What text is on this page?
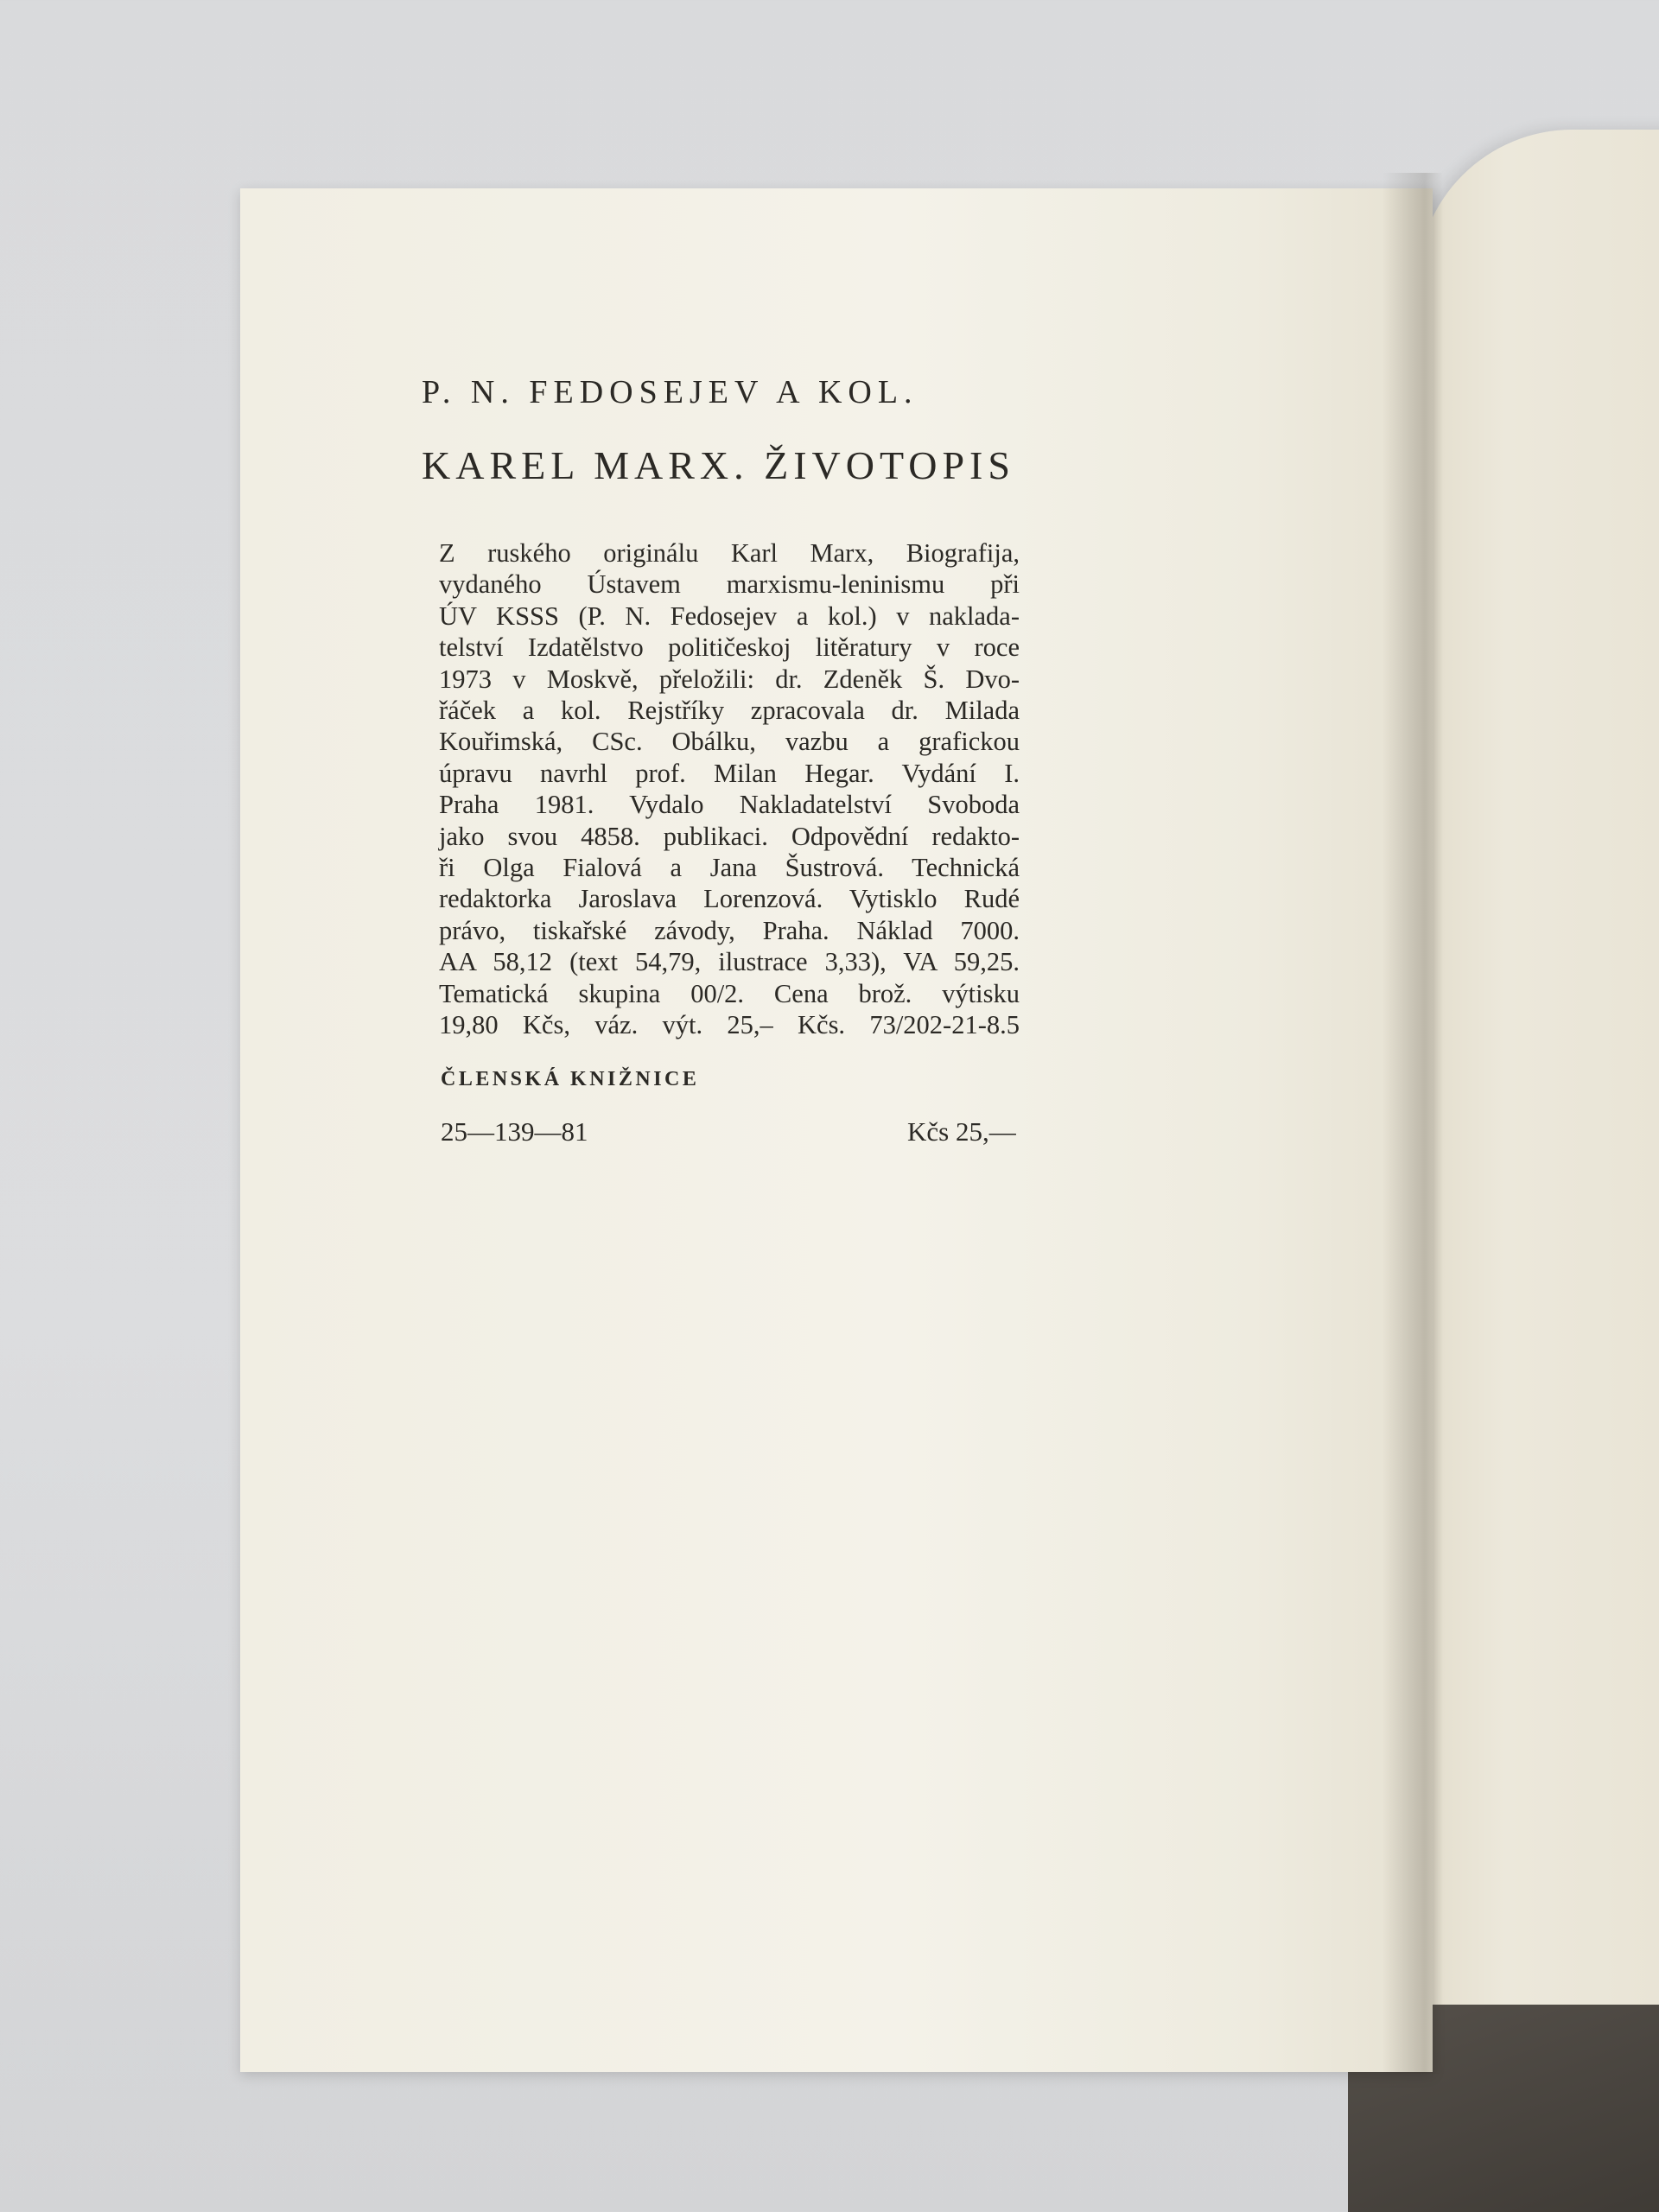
P. N. FEDOSEJEV A KOL.
KAREL MARX. ŽIVOTOPIS
Z ruského originálu Karl Marx, Biografija,
vydaného Ústavem marxismu-leninismu při
ÚV KSSS (P. N. Fedosejev a kol.) v naklada-
telství Izdatělstvo političeskoj litěratury v roce
1973 v Moskvě, přeložili: dr. Zdeněk Š. Dvo-
řáček a kol. Rejstříky zpracovala dr. Milada
Kouřimská, CSc. Obálku, vazbu a grafickou
úpravu navrhl prof. Milan Hegar. Vydání I.
Praha 1981. Vydalo Nakladatelství Svoboda
jako svou 4858. publikaci. Odpovědní redakto-
ři Olga Fialová a Jana Šustrová. Technická
redaktorka Jaroslava Lorenzová. Vytisklo Rudé
právo, tiskařské závody, Praha. Náklad 7000.
AA 58,12 (text 54,79, ilustrace 3,33), VA 59,25.
Tematická skupina 00/2. Cena brož. výtisku
19,80 Kčs, váz. výt. 25,– Kčs. 73/202-21-8.5
ČLENSKÁ KNIŽNICE
25—139—81	Kčs 25,—
